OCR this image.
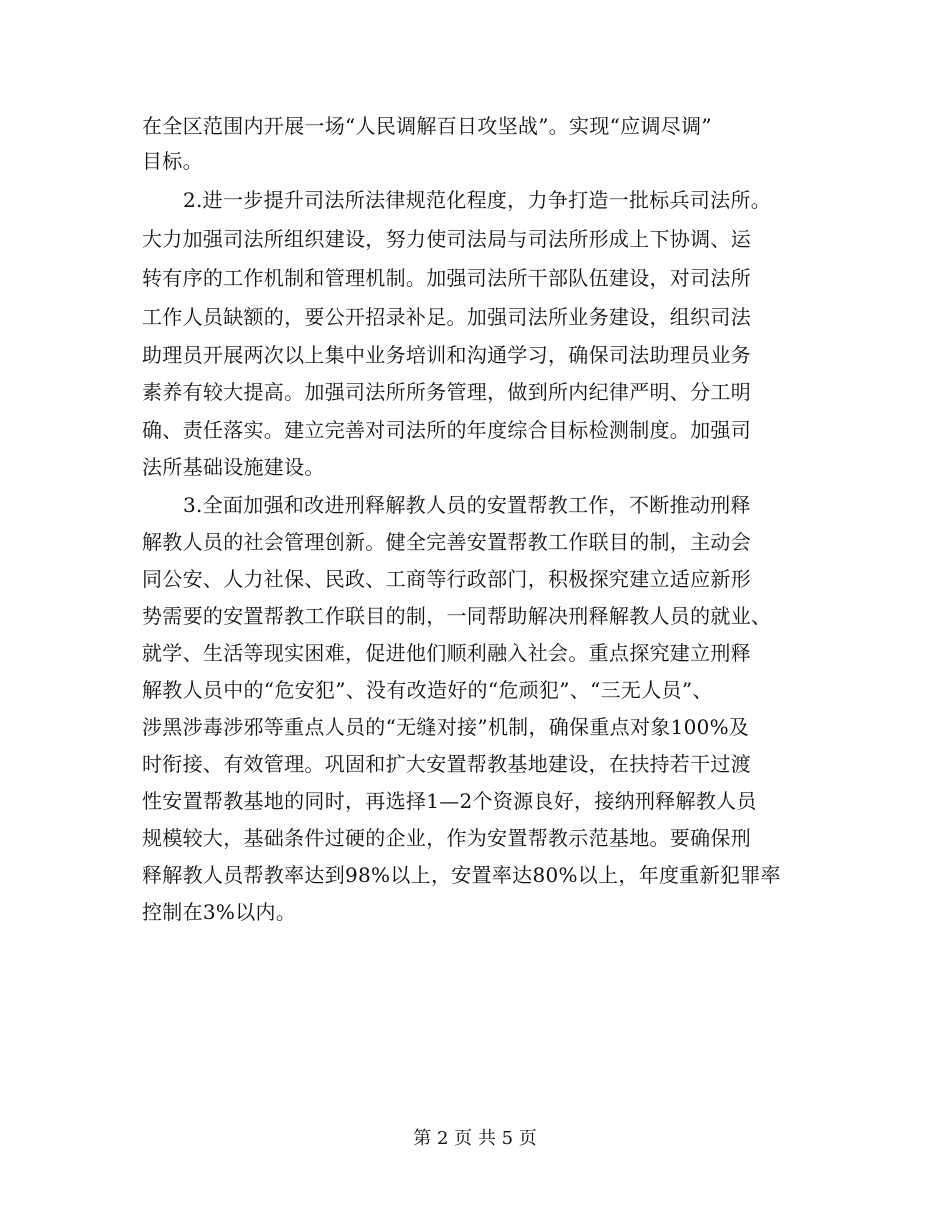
在全区范围内开展一场“人民调解百日攻坚战”。实现“应调尽调”
目标。
2.进一步提升司法所法律规范化程度，力争打造一批标兵司法所。
大力加强司法所组织建设，努力使司法局与司法所形成上下协调、运
转有序的工作机制和管理机制。加强司法所干部队伍建设，对司法所
工作人员缺额的，要公开招录补足。加强司法所业务建设，组织司法
助理员开展两次以上集中业务培训和沟通学习，确保司法助理员业务
素养有较大提高。加强司法所所务管理，做到所内纪律严明、分工明
确、责任落实。建立完善对司法所的年度综合目标检测制度。加强司
法所基础设施建设。
3.全面加强和改进刑释解教人员的安置帮教工作，不断推动刑释
解教人员的社会管理创新。健全完善安置帮教工作联目的制，主动会
同公安、人力社保、民政、工商等行政部门，积极探究建立适应新形
势需要的安置帮教工作联目的制，一同帮助解决刑释解教人员的就业、
就学、生活等现实困难，促进他们顺利融入社会。重点探究建立刑释
解教人员中的“危安犯”、没有改造好的“危顽犯”、“三无人员”、
涉黑涉毒涉邪等重点人员的“无缝对接”机制，确保重点对象100%及
时衔接、有效管理。巩固和扩大安置帮教基地建设，在扶持若干过渡
性安置帮教基地的同时，再选择1—2个资源良好，接纳刑释解教人员
规模较大，基础条件过硬的企业，作为安置帮教示范基地。要确保刑
释解教人员帮教率达到98%以上，安置率达80%以上，年度重新犯罪率
控制在3%以内。
第 2 页 共 5 页
